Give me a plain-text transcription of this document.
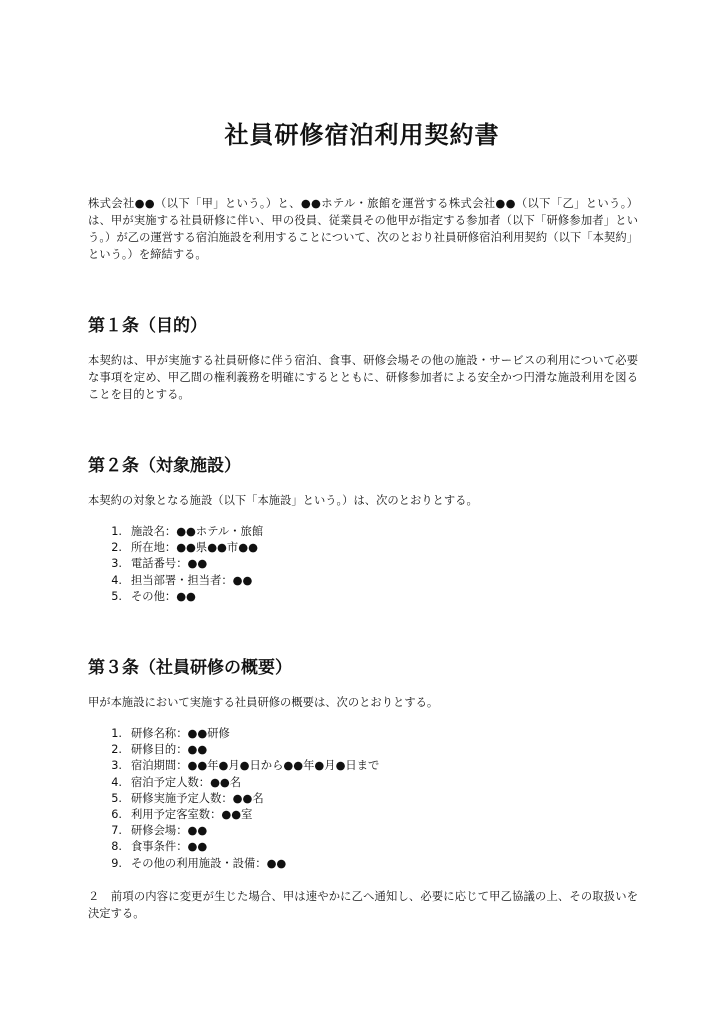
社員研修宿泊利用契約書

株式会社●●（以下「甲」という。）と、●●ホテル・旅館を運営する株式会社●●（以下「乙」という。）は、甲が実施する社員研修に伴い、甲の役員、従業員その他甲が指定する参加者（以下「研修参加者」という。）が乙の運営する宿泊施設を利用することについて、次のとおり社員研修宿泊利用契約（以下「本契約」という。）を締結する。

第１条（目的）

本契約は、甲が実施する社員研修に伴う宿泊、食事、研修会場その他の施設・サービスの利用について必要な事項を定め、甲乙間の権利義務を明確にするとともに、研修参加者による安全かつ円滑な施設利用を図ることを目的とする。

第２条（対象施設）

本契約の対象となる施設（以下「本施設」という。）は、次のとおりとする。

1. 施設名：●●ホテル・旅館
2. 所在地：●●県●●市●●
3. 電話番号：●●
4. 担当部署・担当者：●●
5. その他：●●
第３条（社員研修の概要）

甲が本施設において実施する社員研修の概要は、次のとおりとする。

1. 研修名称：●●研修
2. 研修目的：●●
3. 宿泊期間：●●年●月●日から●●年●月●日まで
4. 宿泊予定人数：●●名
5. 研修実施予定人数：●●名
6. 利用予定客室数：●●室
7. 研修会場：●●
8. 食事条件：●●
9. その他の利用施設・設備：●●

２　前項の内容に変更が生じた場合、甲は速やかに乙へ通知し、必要に応じて甲乙協議の上、その取扱いを決定する。
